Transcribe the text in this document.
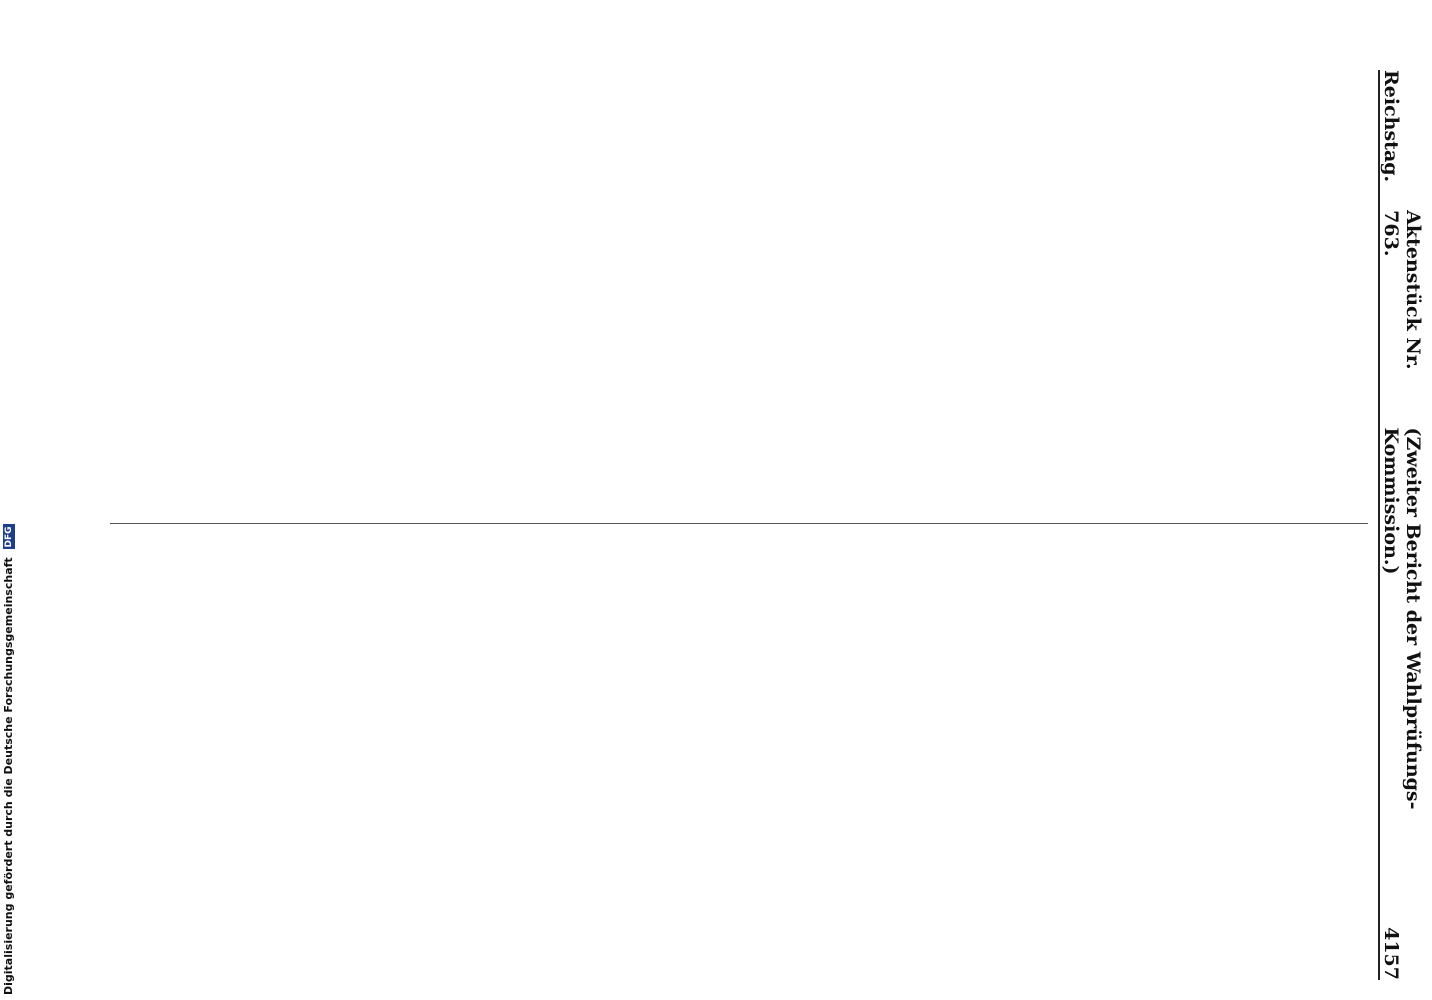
Digitalisierung gefördert durch die Deutsche Forschungsgemeinschaft DFG
Reichstag.
Aktenstück Nr. 763.
(Zweiter Bericht der Wahlprüfungs-Kommission.)
4157
